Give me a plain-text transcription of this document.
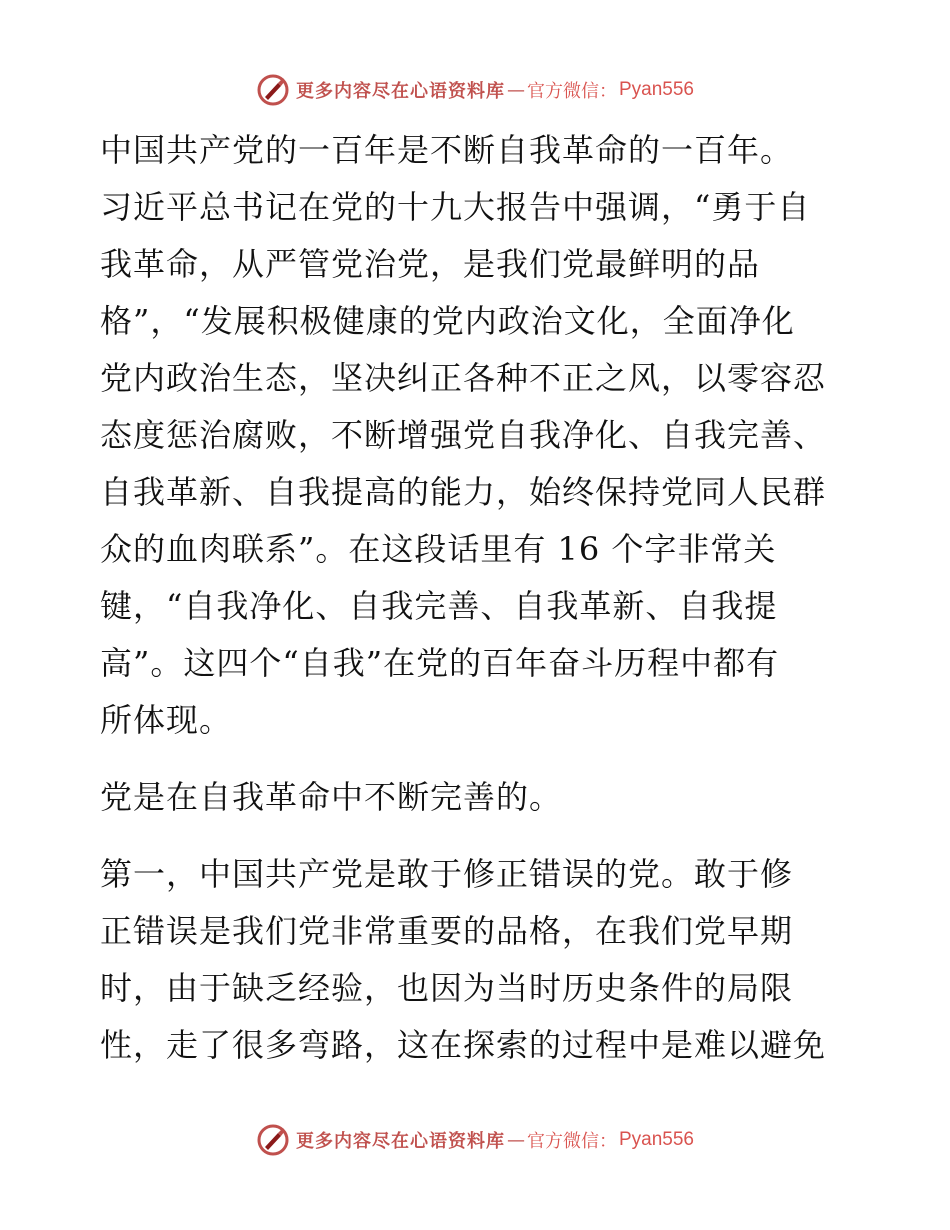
更多内容尽在心语资料库 — 官方微信： Pyan556
中国共产党的一百年是不断自我革命的一百年。
习近平总书记在党的十九大报告中强调，“勇于自
我革命，从严管党治党，是我们党最鲜明的品
格”，“发展积极健康的党内政治文化，全面净化
党内政治生态，坚决纠正各种不正之风，以零容忍
态度惩治腐败，不断增强党自我净化、自我完善、
自我革新、自我提高的能力，始终保持党同人民群
众的血肉联系”。在这段话里有 16 个字非常关
键，“自我净化、自我完善、自我革新、自我提
高”。这四个“自我”在党的百年奋斗历程中都有
所体现。
党是在自我革命中不断完善的。
第一，中国共产党是敢于修正错误的党。敢于修
正错误是我们党非常重要的品格，在我们党早期
时，由于缺乏经验，也因为当时历史条件的局限
性，走了很多弯路，这在探索的过程中是难以避免
更多内容尽在心语资料库 — 官方微信： Pyan556
